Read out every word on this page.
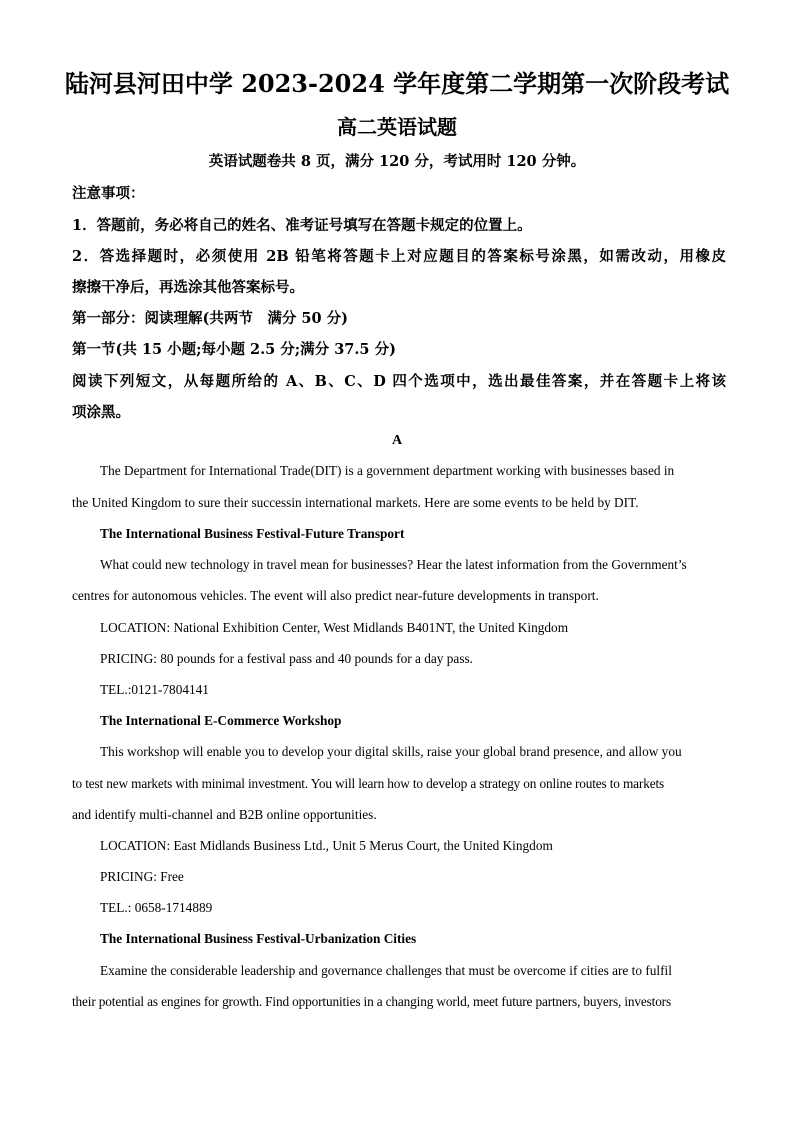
陆河县河田中学 2023-2024 学年度第二学期第一次阶段考试
高二英语试题
英语试题卷共 8 页，满分 120 分，考试用时 120 分钟。
注意事项：
1．答题前，务必将自己的姓名、准考证号填写在答题卡规定的位置上。
2．答选择题时，必须使用 2B 铅笔将答题卡上对应题目的答案标号涂黑，如需改动，用橡皮
擦擦干净后，再选涂其他答案标号。
第一部分：阅读理解(共两节　满分 50 分)
第一节(共 15 小题;每小题 2.5 分;满分 37.5 分)
阅读下列短文，从每题所给的 A、B、C、D 四个选项中，选出最佳答案，并在答题卡上将该
项涂黑。
A
The Department for International Trade(DIT) is a government department working with businesses based in
the United Kingdom to sure their successin international markets. Here are some events to be held by DIT.
The International Business Festival-Future Transport
What could new technology in travel mean for businesses? Hear the latest information from the Government’s
centres for autonomous vehicles. The event will also predict near-future developments in transport.
LOCATION: National Exhibition Center, West Midlands B401NT, the United Kingdom
PRICING: 80 pounds for a festival pass and 40 pounds for a day pass.
TEL.:0121-7804141
The International E-Commerce Workshop
This workshop will enable you to develop your digital skills, raise your global brand presence, and allow you
to test new markets with minimal investment. You will learn how to develop a strategy on online routes to markets
and identify multi-channel and B2B online opportunities.
LOCATION: East Midlands Business Ltd., Unit 5 Merus Court, the United Kingdom
PRICING: Free
TEL.: 0658-1714889
The International Business Festival-Urbanization Cities
Examine the considerable leadership and governance challenges that must be overcome if cities are to fulfil
their potential as engines for growth. Find opportunities in a changing world, meet future partners, buyers, investors
